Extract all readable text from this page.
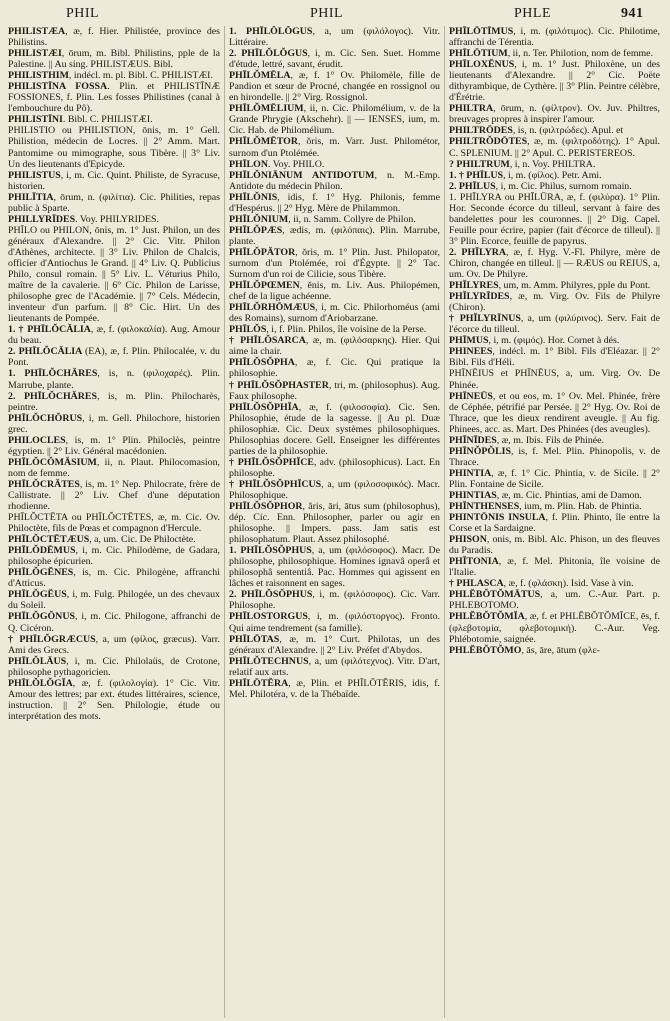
PHIL	PHIL	PHLE	941

PHILISTÆA, æ, f. Hier. Philistée, province des Philistins.

PHILISTÆI, ōrum, m. Bibl. Philistins, pple de la Palestine. || Au sing. PHILISTÆUS. Bibl.

PHILISTHIM, indécl. m. pl. Bibl. C. PHILISTÆI.

PHILISTĪNA FOSSA. Plin. et PHILISTĪNÆ FOSSIONES, f. Plin. Les fosses Philistines (canal à l'embouchure du Pô).

PHILISTĪNI. Bibl. C. PHILISTÆI.

PHILISTIO ou PHILISTION, ōnis, m. 1° Gell. Philistion, médecin de Locres. || 2° Amm. Mart. Pantomime ou mimographe, sous Tibère. || 3° Liv. Un des lieutenants d'Epicyde.

PHILISTUS, i, m. Cic. Quint. Philiste, de Syracuse, historien.

PHILĪTIA, ōrum, n. (φιλίτια). Cic. Philities, repas public à Sparte.

PHILLYRĪDES. Voy. PHILYRIDES.

PHĪLO ou PHILON, ōnis, m. 1° Just. Philon, un des généraux d'Alexandre. || 2° Cic. Vitr. Philon d'Athènes, architecte. || 3° Liv. Philon de Chalcis, officier d'Antiochus le Grand. || 4° Liv. Q. Publicius Philo, consul romain. || 5° Liv. L. Véturius Philo, maître de la cavalerie. || 6° Cic. Philon de Larisse, philosophe grec de l'Académie. || 7° Cels. Médecin, inventeur d'un parfum. || 8° Cic. Hirt. Un des lieutenants de Pompée.

1. † PHĪLŎCĂLIA, æ, f. (φιλοκαλία). Aug. Amour du beau.

2. PHĪLŎCĂLIA (EA), æ, f. Plin. Philocalée, v. du Pont.

1. PHĪLŎCHĂRES, is, n. (φιλοχαρές). Plin. Marrube, plante.

2. PHĪLŎCHĂRES, is, m. Plin. Philocharès, peintre.

PHĪLŎCHŎRUS, i, m. Gell. Philochore, historien grec.

PHILOCLES, is, m. 1° Plin. Philoclès, peintre égyptien. || 2° Liv. Général macédonien.

PHĪLŎCŎMĂSIUM, ii, n. Plaut. Philocomasion, nom de femme.

PHĪLŎCRĂTES, is, m. 1° Nep. Philocrate, frère de Callistrate. || 2° Liv. Chef d'une députation rhodienne.

PHĪLŎCTĒTA ou PHĪLŎCTĒTES, æ, m. Cic. Ov. Philoctète, fils de Pœas et compagnon d'Hercule.

PHĪLŎCTĒTÆUS, a, um. Cic. De Philoctète.

PHĪLŎDĒMUS, i, m. Cic. Philodème, de Gadara, philosophe épicurien.

PHĪLŎGĔNES, is, m. Cic. Philogène, affranchi d'Atticus.

PHĪLŎGĔUS, i, m. Fulg. Philogée, un des chevaux du Soleil.

PHĪLŎGŎNUS, i, m. Cic. Philogone, affranchi de Q. Cicéron.

† PHĪLŎGRÆCUS, a, um (φίλος, græcus). Varr. Ami des Grecs.

PHĪLŎLĀUS, i, m. Cic. Philolaüs, de Crotone, philosophe pythagoricien.

PHĪLŎLŎGĬA, æ, f. (φιλολογία). 1° Cic. Vitr. Amour des lettres; par ext. études littéraires, science, instruction. || 2° Sen. Philologie, étude ou interprétation des mots.

1. PHĪLŎLŎGUS, a, um (φιλόλογος). Vitr. Littéraire.

2. PHĪLŎLŎGUS, i, m. Cic. Sen. Suet. Homme d'étude, lettré, savant, érudit.

PHĪLŎMĒLA, æ, f. 1° Ov. Philomèle, fille de Pandion et sœur de Procné, changée en rossignol ou en hirondelle. || 2° Virg. Rossignol.

PHĪLŎMĒLIUM, ii, n. Cic. Philomélium, v. de la Grande Phrygie (Akschehr). || — IENSES, ium, m. Cic. Hab. de Philomélium.

PHĪLŎMĒTOR, ŏris, m. Varr. Just. Philométor, surnom d'un Ptolémée.

PHĪLON. Voy. PHILO.

PHĪLŎNIĀNUM ANTIDOTUM, n. M.-Emp. Antidote du médecin Philon.

PHĪLŎNIS, idis, f. 1° Hyg. Philonis, femme d'Hespérus. || 2° Hyg. Mère de Philammon.

PHĪLŎNIUM, ii, n. Samm. Collyre de Philon.

PHĪLŎPÆS, ædis, m. (φιλόπαις). Plin. Marrube, plante.

PHĪLŎPĂTOR, ŏris, m. 1° Plin. Just. Philopator, surnom d'un Ptolémée, roi d'Égypte. || 2° Tac. Surnom d'un roi de Cilicie, sous Tibère.

PHĪLŎPŒMEN, ĕnis, m. Liv. Aus. Philopémen, chef de la ligue achéenne.

PHĪLŎRHŌMÆUS, i, m. Cic. Philorhoméus (ami des Romains), surnom d'Ariobarzane.

PHĪLŎS, i, f. Plin. Philos, île voisine de la Perse.

† PHĪLŎSARCA, æ, m. (φιλόσαρκης). Hier. Qui aime la chair.

PHĪLŎSŎPHA, æ, f. Cic. Qui pratique la philosophie.

† PHĪLŎSŎPHASTER, tri, m. (philosophus). Aug. Faux philosophe.

PHĪLŎSŎPHĬA, æ, f. (φιλοσοφία). Cic. Sen. Philosophie, étude de la sagesse. || Au pl. Duæ philosophiæ. Cic. Deux systèmes philosophiques. Philosophias docere. Gell. Enseigner les différentes parties de la philosophie.

† PHĪLŎSŎPHĬCE, adv. (philosophicus). Lact. En philosophe.

† PHĪLŎSŎPHĬCUS, a, um (φιλοσοφικός). Macr. Philosophique.

PHĪLŎSŎPHOR, ăris, āri, ātus sum (philosophus), dép. Cic. Enn. Philosopher, parler ou agir en philosophe. || Impers. pass. Jam satis est philosophatum. Plaut. Assez philosophé.

1. PHĪLŎSŎPHUS, a, um (φιλόσοφος). Macr. De philosophe, philosophique. Homines ignavâ operâ et philosophâ sententiâ. Pac. Hommes qui agissent en lâches et raisonnent en sages.

2. PHĪLŎSŎPHUS, i, m. (φιλόσοφος). Cic. Varr. Philosophe.

PHĪLOSTORGUS, i, m. (φιλόστοργος). Fronto. Qui aime tendrement (sa famille).

PHĪLŌTAS, æ, m. 1° Curt. Philotas, un des généraux d'Alexandre. || 2° Liv. Préfet d'Abydos.

PHĪLŎTECHNUS, a, um (φιλότεχνος). Vitr. D'art, relatif aux arts.

PHĪLŌTĔRA, æ, Plin. et PHĪLŌTĔRIS, idis, f. Mel. Philotéra, v. de la Thébaïde.

PHĪLŌTĪMUS, i, m. (φιλότιμος). Cic. Philotime, affranchi de Térentia.

PHĪLŌTIUM, ii, n. Ter. Philotion, nom de femme.

PHĪLOXĔNUS, i, m. 1° Just. Philoxène, un des lieutenants d'Alexandre. || 2° Cic. Poëte dithyrambique, de Cythère. || 3° Plin. Peintre célèbre, d'Érétrie.

PHILTRA, ōrum, n. (φίλτρον). Ov. Juv. Philtres, breuvages propres à inspirer l'amour.

PHILTRŌDES, is, n. (φιλτρώδες). Apul. et

PHILTRŎDŌTES, æ, m. (φιλτροδότης). 1° Apul. C. SPLENIUM. || 2° Apul. C. PERISTEREOS.

? PHILTRUM, i, n. Voy. PHILTRA.

1. † PHĪLUS, i, m. (φίλος). Petr. Ami.

2. PHĪLUS, i, m. Cic. Philus, surnom romain.

1. PHĬLYRA ou PHĬLŪRA, æ, f. (φιλύρα). 1° Plin. Hor. Seconde écorce du tilleul, servant à faire des bandelettes pour les couronnes. || 2° Dig. Capel. Feuille pour écrire, papier (fait d'écorce de tilleul). || 3° Plin. Ecorce, feuille de papyrus.

2. PHĬLYRA, æ, f. Hyg. V.-Fl. Philyre, mère de Chiron, changée en tilleul. || — RÆUS ou REIUS, a, um. Ov. De Philyre.

PHĬLYRES, um, m. Amm. Philyres, pple du Pont.

PHĬLYRĪDES, æ, m. Virg. Ov. Fils de Philyre (Chiron).

† PHĬLYRĪNUS, a, um (φιλύρινος). Serv. Fait de l'écorce du tilleul.

PHĪMUS, i, m. (φιμός). Hor. Cornet à dés.

PHINEES, indécl. m. 1° Bibl. Fils d'Eléazar. || 2° Bibl. Fils d'Héli.

PHĪNĒIUS et PHĪNĒUS, a, um. Virg. Ov. De Phinée.

PHĪNEŪS, et ou eos, m. 1° Ov. Mel. Phinée, frère de Céphée, pétrifié par Persée. || 2° Hyg. Ov. Roi de Thrace, que les dieux rendirent aveugle. || Au fig. Phinees, acc. as. Mart. Des Phinées (des aveugles).

PHĪNĪDES, æ, m. Ibis. Fils de Phinée.

PHĪNŎPŎLIS, is, f. Mel. Plin. Phinopolis, v. de Thrace.

PHINTIA, æ, f. 1° Cic. Phintia, v. de Sicile. || 2° Plin. Fontaine de Sicile.

PHINTIAS, æ, m. Cic. Phintias, ami de Damon.

PHĬNTHENSES, ium, m. Plin. Hab. de Phintia.

PHINTŌNIS INSULA, f. Plin. Phinto, île entre la Corse et la Sardaigne.

PHISON, onis, m. Bibl. Alc. Phison, un des fleuves du Paradis.

PHĬTONIA, æ, f. Mel. Phitonia, île voisine de l'Italie.

† PHLASCA, æ, f. (φλάσκη). Isid. Vase à vin.

PHLĔBŎTŎMĀTUS, a, um. C.-Aur. Part. p. PHLEBOTOMO.

PHLĔBŎTŎMĬA, æ, f. et PHLĔBŎTŎMĪCE, ēs, f. (φλεβοτομία, φλεβοτομική). C.-Aur. Veg. Phlébotomie, saignée.

PHLĔBŎTŎMO, ās, āre, ātum (φλε-
